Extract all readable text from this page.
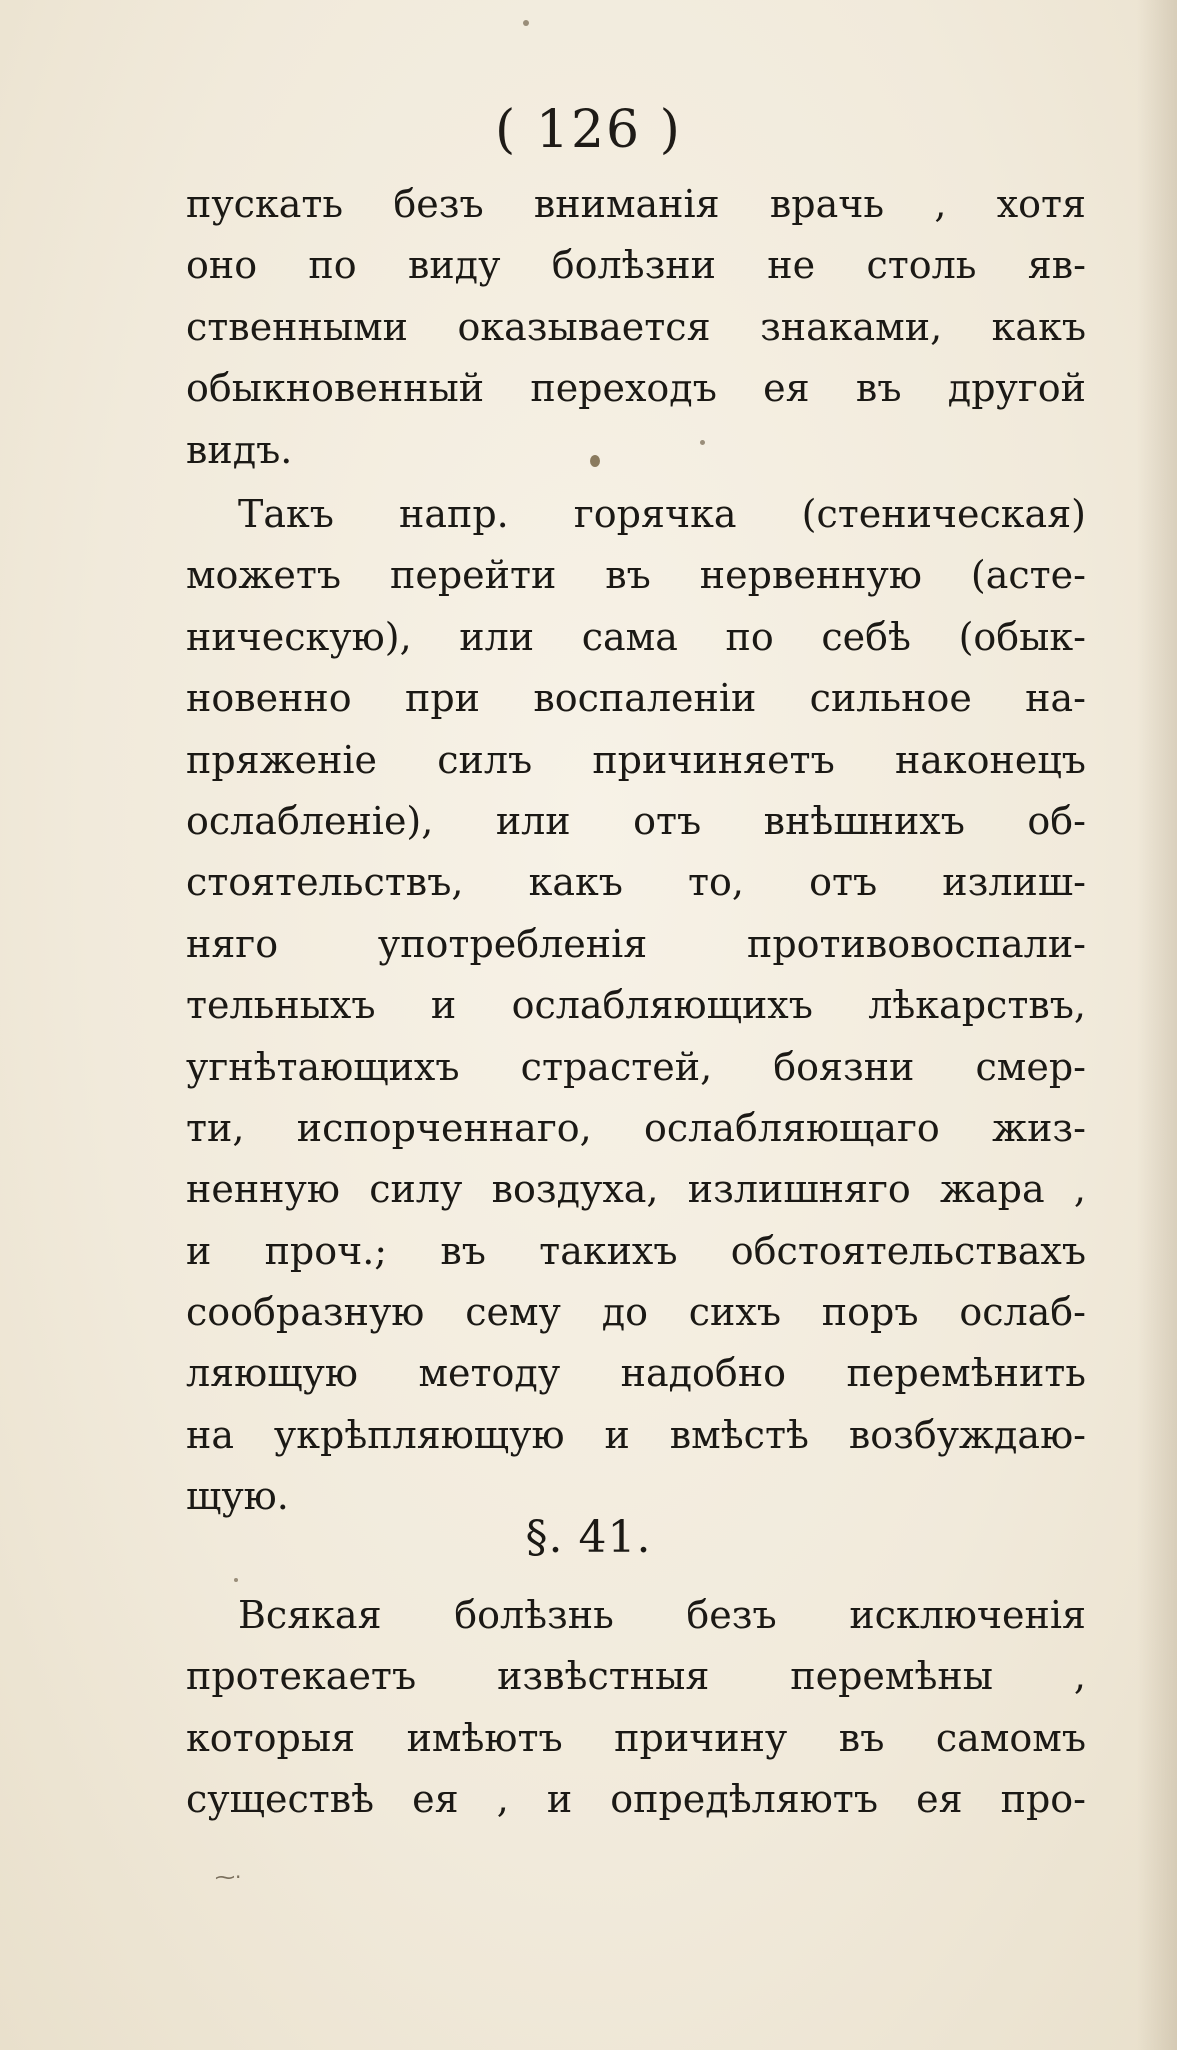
( 126 )
пускать безъ вниманія врачь , хотя
оно по виду болѣзни не столь яв-
ственными оказывается знаками, какъ
обыкновенный переходъ ея въ другой
видъ.
Такъ напр. горячка (стеническая)
можетъ перейти въ нервенную (асте-
ническую), или сама по себѣ (обык-
новенно при воспаленіи сильное на-
пряженіе силъ причиняетъ наконецъ
ослабленіе), или отъ внѣшнихъ об-
стоятельствъ, какъ то, отъ излиш-
няго употребленія противовоспали-
тельныхъ и ослабляющихъ лѣкарствъ,
угнѣтающихъ страстей, боязни смер-
ти, испорченнаго, ослабляющаго жиз-
ненную силу воздуха, излишняго жара ,
и проч.; въ такихъ обстоятельствахъ
сообразную сему до сихъ поръ ослаб-
ляющую методу надобно перемѣнить
на укрѣпляющую и вмѣстѣ возбуждаю-
щую.
§. 41.
Всякая болѣзнь безъ исключенія
протекаетъ извѣстныя перемѣны ,
которыя имѣютъ причину въ самомъ
существѣ ея , и опредѣляютъ ея про-
⁓·
